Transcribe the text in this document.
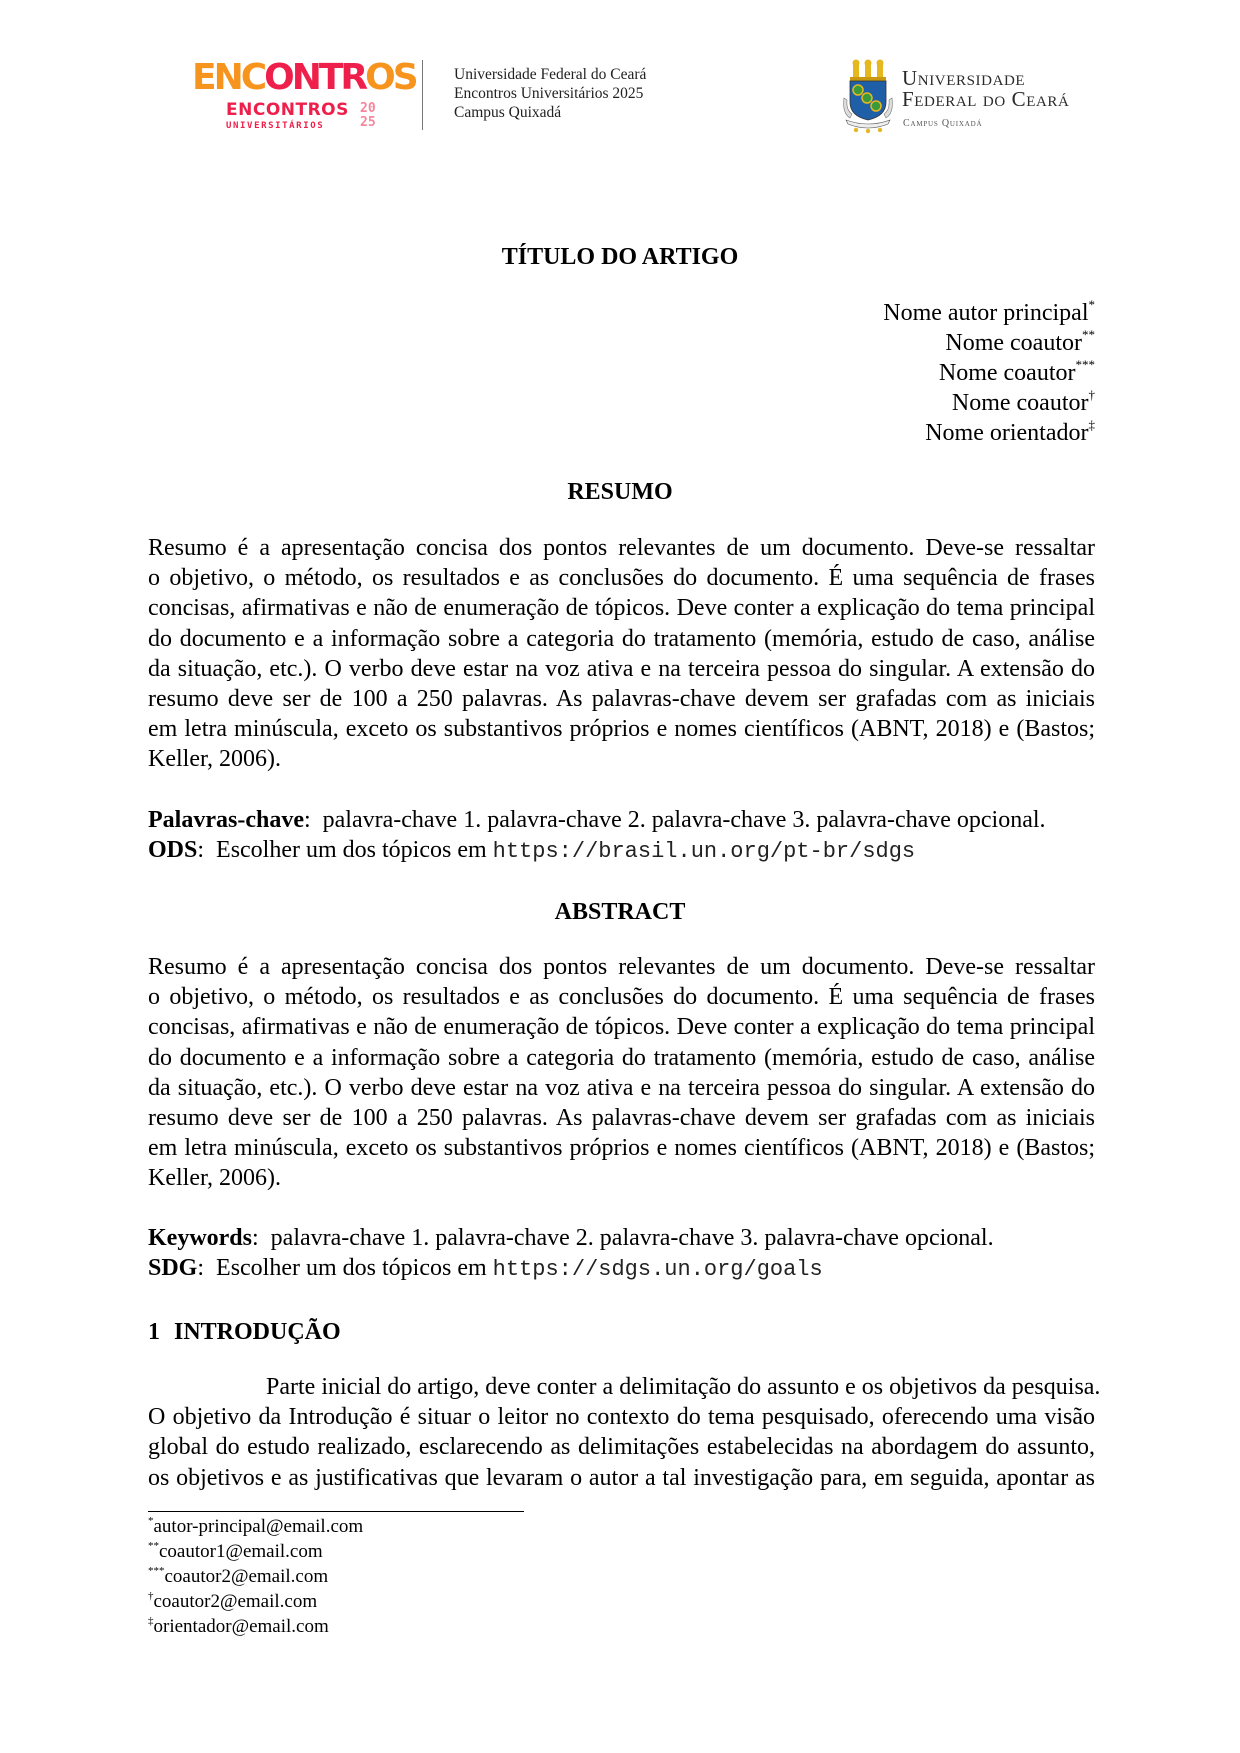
ENC ON TR OS
ENCONTROS
UNIVERSITÁRIOS
20
25
Universidade Federal do Ceará
Encontros Universitários 2025
Campus Quixadá
Universidade
Federal do Ceará
Campus Quixadá
TÍTULO DO ARTIGO
Nome autor principal*
Nome coautor**
Nome coautor***
Nome coautor†
Nome orientador‡
RESUMO
Resumo é a apresentação concisa dos pontos relevantes de um documento. Deve-se ressaltar
o objetivo, o método, os resultados e as conclusões do documento. É uma sequência de frases
concisas, afirmativas e não de enumeração de tópicos. Deve conter a explicação do tema principal
do documento e a informação sobre a categoria do tratamento (memória, estudo de caso, análise
da situação, etc.). O verbo deve estar na voz ativa e na terceira pessoa do singular. A extensão do
resumo deve ser de 100 a 250 palavras. As palavras-chave devem ser grafadas com as iniciais
em letra minúscula, exceto os substantivos próprios e nomes científicos (ABNT, 2018) e (Bastos;
Keller, 2006).
Palavras-chave:  palavra-chave 1. palavra-chave 2. palavra-chave 3. palavra-chave opcional.
ODS:  Escolher um dos tópicos em https://brasil.un.org/pt-br/sdgs
ABSTRACT
Resumo é a apresentação concisa dos pontos relevantes de um documento. Deve-se ressaltar
o objetivo, o método, os resultados e as conclusões do documento. É uma sequência de frases
concisas, afirmativas e não de enumeração de tópicos. Deve conter a explicação do tema principal
do documento e a informação sobre a categoria do tratamento (memória, estudo de caso, análise
da situação, etc.). O verbo deve estar na voz ativa e na terceira pessoa do singular. A extensão do
resumo deve ser de 100 a 250 palavras. As palavras-chave devem ser grafadas com as iniciais
em letra minúscula, exceto os substantivos próprios e nomes científicos (ABNT, 2018) e (Bastos;
Keller, 2006).
Keywords:  palavra-chave 1. palavra-chave 2. palavra-chave 3. palavra-chave opcional.
SDG:  Escolher um dos tópicos em https://sdgs.un.org/goals
1 INTRODUÇÃO
Parte inicial do artigo, deve conter a delimitação do assunto e os objetivos da pesquisa.
O objetivo da Introdução é situar o leitor no contexto do tema pesquisado, oferecendo uma visão
global do estudo realizado, esclarecendo as delimitações estabelecidas na abordagem do assunto,
os objetivos e as justificativas que levaram o autor a tal investigação para, em seguida, apontar as
*autor-principal@email.com
**coautor1@email.com
***coautor2@email.com
†coautor2@email.com
‡orientador@email.com
